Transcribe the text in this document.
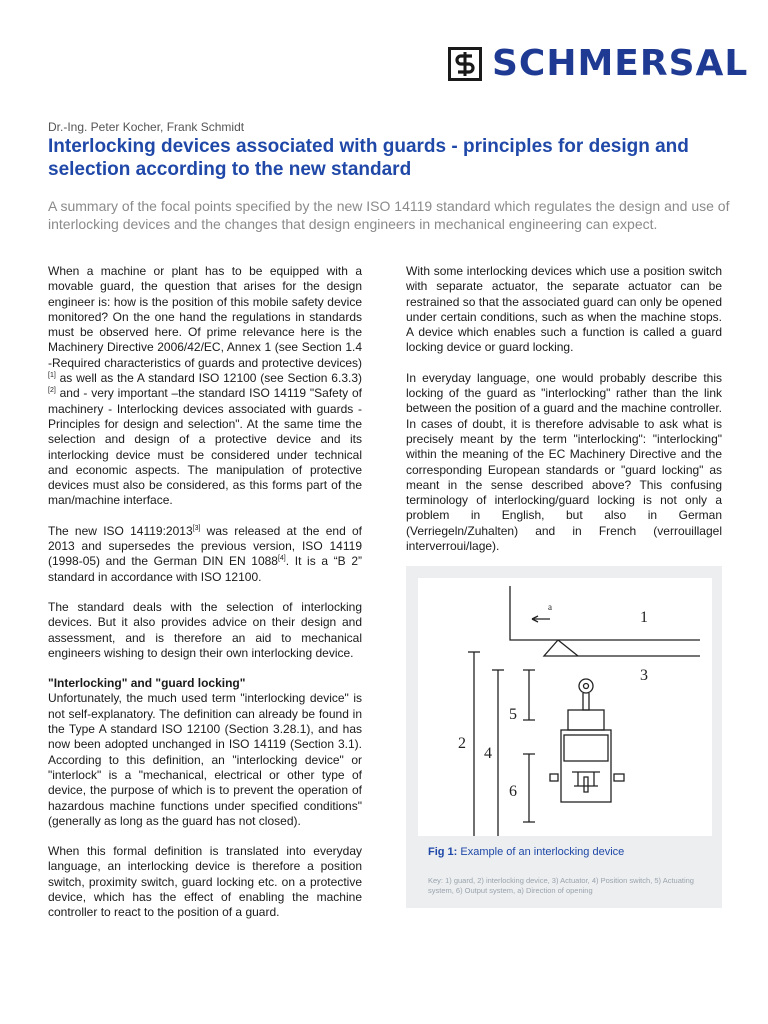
SCHMERSAL
Dr.-Ing. Peter Kocher, Frank Schmidt
Interlocking devices associated with guards - principles for design and selection according to the new standard

A summary of the focal points specified by the new ISO 14119 standard which regulates the design and use of interlocking devices and the changes that design engineers in mechanical engineering can expect.

When a machine or plant has to be equipped with a movable guard, the question that arises for the design engineer is: how is the position of this mobile safety device monitored? On the one hand the regulations in standards must be observed here. Of prime relevance here is the Machinery Directive 2006/42/EC, Annex 1 (see Section 1.4 -Required characteristics of guards and protective devices)[1] as well as the A standard ISO 12100 (see Section 6.3.3)[2] and - very important –the standard ISO 14119 "Safety of machinery - Interlocking devices associated with guards - Principles for design and selection". At the same time the selection and design of a protective device and its interlocking device must be considered under technical and economic aspects. The manipulation of protective devices must also be considered, as this forms part of the man/machine interface.

The new ISO 14119:2013[3] was released at the end of 2013 and supersedes the previous version, ISO 14119 (1998-05) and the German DIN EN 1088[4]. It is a “B 2” standard in accordance with ISO 12100.

The standard deals with the selection of interlocking devices. But it also provides advice on their design and assessment, and is therefore an aid to mechanical engineers wishing to design their own interlocking device.

"Interlocking" and "guard locking"

Unfortunately, the much used term "interlocking device" is not self-explanatory. The definition can already be found in the Type A standard ISO 12100 (Section 3.28.1), and has now been adopted unchanged in ISO 14119 (Section 3.1). According to this definition, an "interlocking device" or "interlock" is a "mechanical, electrical or other type of device, the purpose of which is to prevent the operation of hazardous machine functions under specified conditions" (generally as long as the guard has not closed).

When this formal definition is translated into everyday language, an interlocking device is therefore a position switch, proximity switch, guard locking etc. on a protective device, which has the effect of enabling the machine controller to react to the position of a guard.

With some interlocking devices which use a position switch with separate actuator, the separate actuator can be restrained so that the associated guard can only be opened under certain conditions, such as when the machine stops. A device which enables such a function is called a guard locking device or guard locking.

In everyday language, one would probably describe this locking of the guard as "interlocking" rather than the link between the position of a guard and the machine controller. In cases of doubt, it is therefore advisable to ask what is precisely meant by the term "interlocking": "interlocking" within the meaning of the EC Machinery Directive and the corresponding European standards or "guard locking" as meant in the sense described above? This confusing terminology of interlocking/guard locking is not only a problem in English, but also in German (Verriegeln/Zuhalten) and in French (verrouillagel interverroui/lage).

1
3
5
2
4
6
a
Fig 1: Example of an interlocking device
Key: 1) guard, 2) interlocking device, 3) Actuator, 4) Position switch, 5) Actuating system, 6) Output system, a) Direction of opening
